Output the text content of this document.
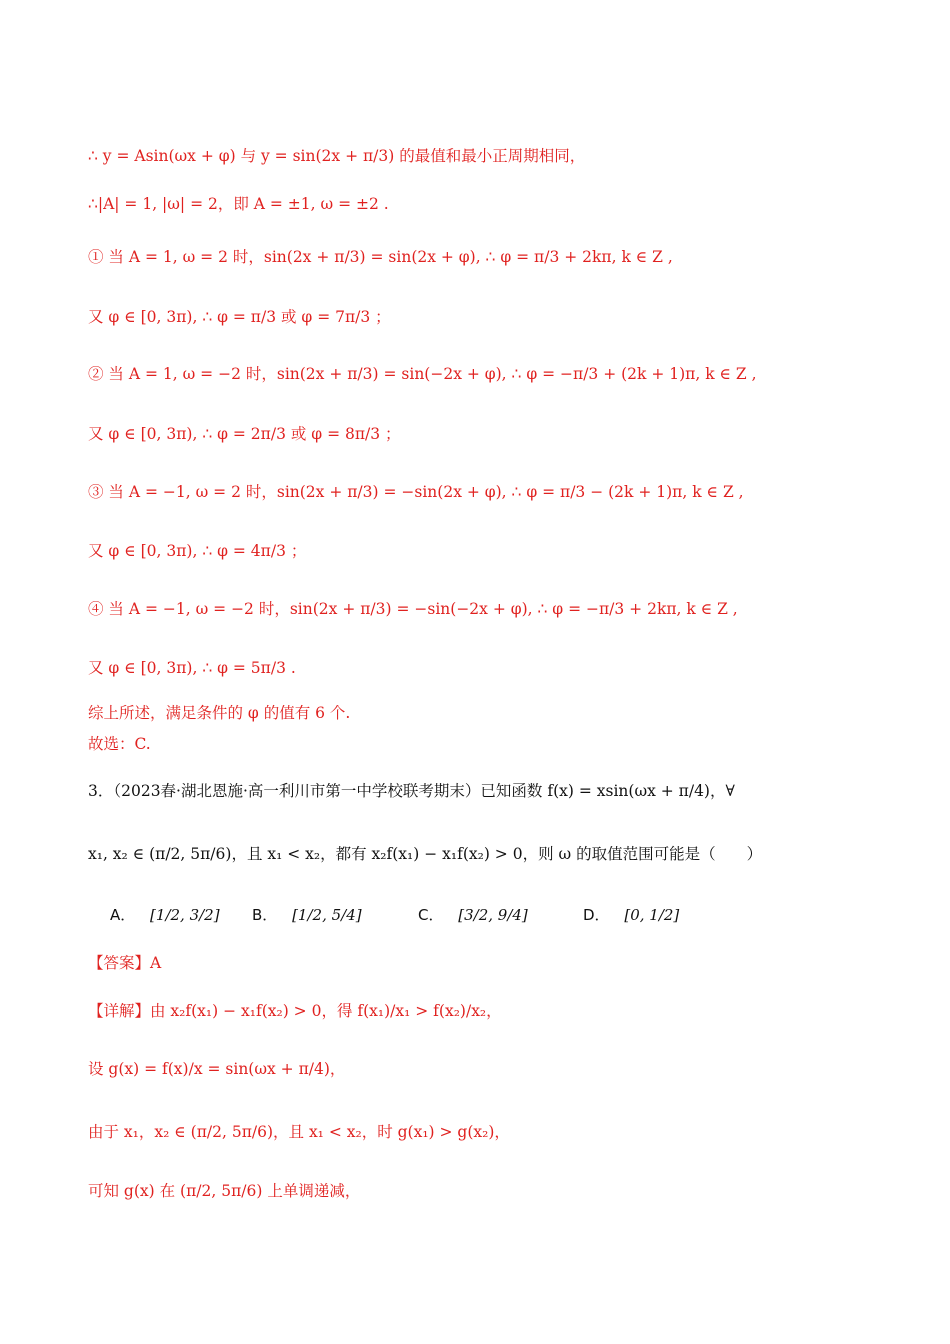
∴ y = Asin(ωx + φ) 与 y = sin(2x + π/3) 的最值和最小正周期相同，
∴|A| = 1, |ω| = 2，即 A = ±1, ω = ±2 .
① 当 A = 1, ω = 2 时，sin(2x + π/3) = sin(2x + φ), ∴ φ = π/3 + 2kπ, k ∈ Z ,
又 φ ∈ [0, 3π), ∴ φ = π/3 或 φ = 7π/3 ；
② 当 A = 1, ω = −2 时，sin(2x + π/3) = sin(−2x + φ), ∴ φ = −π/3 + (2k + 1)π, k ∈ Z ,
又 φ ∈ [0, 3π), ∴ φ = 2π/3 或 φ = 8π/3 ；
③ 当 A = −1, ω = 2 时，sin(2x + π/3) = −sin(2x + φ), ∴ φ = π/3 − (2k + 1)π, k ∈ Z ,
又 φ ∈ [0, 3π), ∴ φ = 4π/3 ；
④ 当 A = −1, ω = −2 时，sin(2x + π/3) = −sin(−2x + φ), ∴ φ = −π/3 + 2kπ, k ∈ Z ,
又 φ ∈ [0, 3π), ∴ φ = 5π/3 .
综上所述，满足条件的 φ 的值有 6 个.
故选：C.
3．（2023春·湖北恩施·高一利川市第一中学校联考期末）已知函数 f(x) = xsin(ωx + π/4)，∀
x₁, x₂ ∈ (π/2, 5π/6)，且 x₁ < x₂，都有 x₂f(x₁) − x₁f(x₂) > 0，则 ω 的取值范围可能是（　　）
A． [1/2, 3/2] B． [1/2, 5/4]	C． [3/2, 9/4]	D． [0, 1/2]
【答案】A
【详解】由 x₂f(x₁) − x₁f(x₂) > 0，得 f(x₁)/x₁ > f(x₂)/x₂，
设 g(x) = f(x)/x = sin(ωx + π/4)，
由于 x₁，x₂ ∈ (π/2, 5π/6)，且 x₁ < x₂，时 g(x₁) > g(x₂)，
可知 g(x) 在 (π/2, 5π/6) 上单调递减，
